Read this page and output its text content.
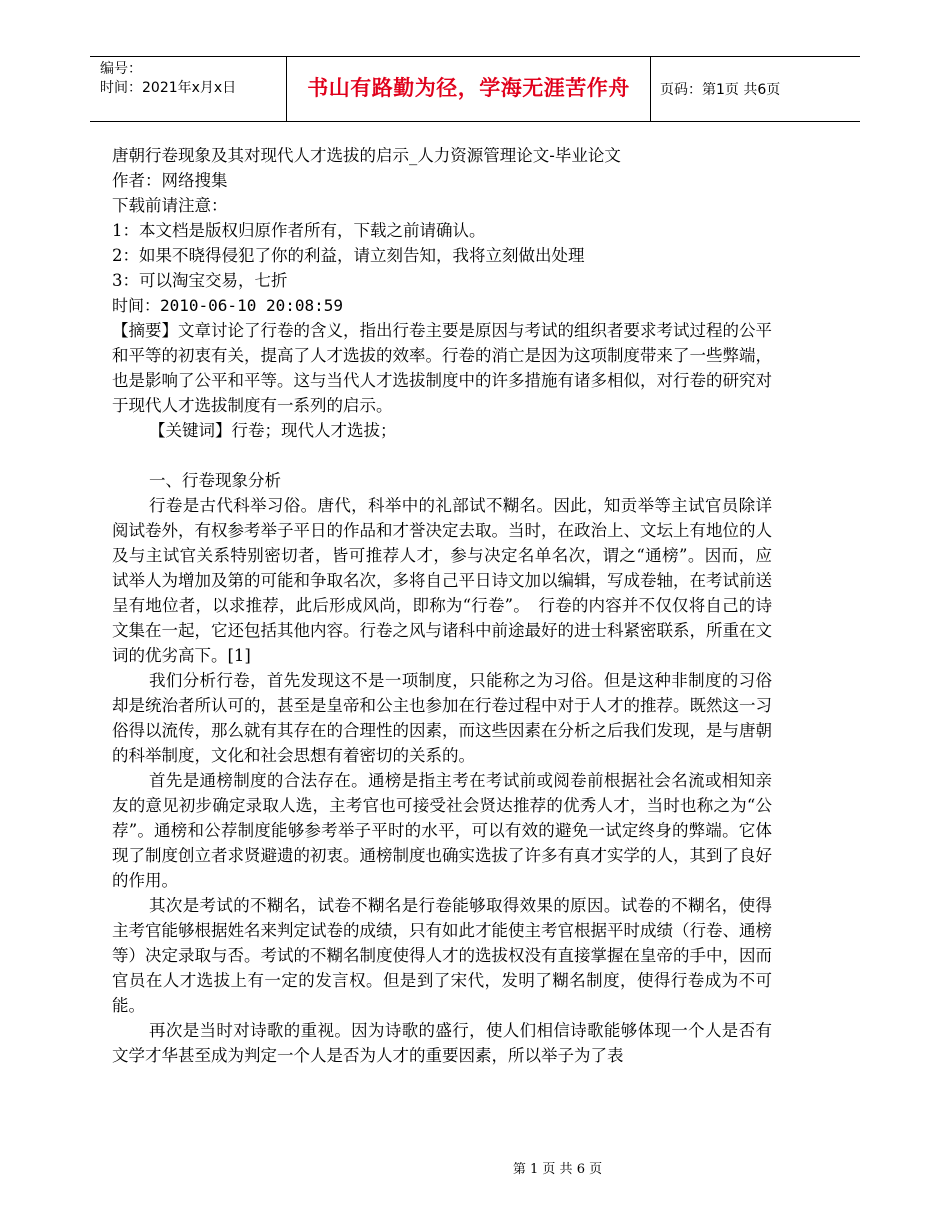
编号：
时间：2021年x月x日	书山有路勤为径，学海无涯苦作舟	页码：第1页 共6页

唐朝行卷现象及其对现代人才选拔的启示_人力资源管理论文-毕业论文

作者：网络搜集

下载前请注意：

1：本文档是版权归原作者所有，下载之前请确认。

2：如果不晓得侵犯了你的利益，请立刻告知，我将立刻做出处理

3：可以淘宝交易，七折

时间：2010-06-10 20:08:59

【摘要】文章讨论了行卷的含义，指出行卷主要是原因与考试的组织者要求考试过程的公平和平等的初衷有关，提高了人才选拔的效率。行卷的消亡是因为这项制度带来了一些弊端，也是影响了公平和平等。这与当代人才选拔制度中的许多措施有诸多相似，对行卷的研究对于现代人才选拔制度有一系列的启示。

【关键词】行卷；现代人才选拔；

一、行卷现象分析

行卷是古代科举习俗。唐代，科举中的礼部试不糊名。因此，知贡举等主试官员除详阅试卷外，有权参考举子平日的作品和才誉决定去取。当时，在政治上、文坛上有地位的人及与主试官关系特别密切者，皆可推荐人才，参与决定名单名次，谓之“通榜”。因而，应试举人为增加及第的可能和争取名次，多将自己平日诗文加以编辑，写成卷轴，在考试前送呈有地位者，以求推荐，此后形成风尚，即称为“行卷”。　行卷的内容并不仅仅将自己的诗文集在一起，它还包括其他内容。行卷之风与诸科中前途最好的进士科紧密联系，所重在文词的优劣高下。[1]

我们分析行卷，首先发现这不是一项制度，只能称之为习俗。但是这种非制度的习俗却是统治者所认可的，甚至是皇帝和公主也参加在行卷过程中对于人才的推荐。既然这一习俗得以流传，那么就有其存在的合理性的因素，而这些因素在分析之后我们发现，是与唐朝的科举制度，文化和社会思想有着密切的关系的。

首先是通榜制度的合法存在。通榜是指主考在考试前或阅卷前根据社会名流或相知亲友的意见初步确定录取人选，主考官也可接受社会贤达推荐的优秀人才，当时也称之为“公荐”。通榜和公荐制度能够参考举子平时的水平，可以有效的避免一试定终身的弊端。它体现了制度创立者求贤避遗的初衷。通榜制度也确实选拔了许多有真才实学的人，其到了良好的作用。

其次是考试的不糊名，试卷不糊名是行卷能够取得效果的原因。试卷的不糊名，使得主考官能够根据姓名来判定试卷的成绩，只有如此才能使主考官根据平时成绩（行卷、通榜等）决定录取与否。考试的不糊名制度使得人才的选拔权没有直接掌握在皇帝的手中，因而官员在人才选拔上有一定的发言权。但是到了宋代，发明了糊名制度，使得行卷成为不可能。

再次是当时对诗歌的重视。因为诗歌的盛行，使人们相信诗歌能够体现一个人是否有文学才华甚至成为判定一个人是否为人才的重要因素，所以举子为了表

第 1 页 共 6 页
